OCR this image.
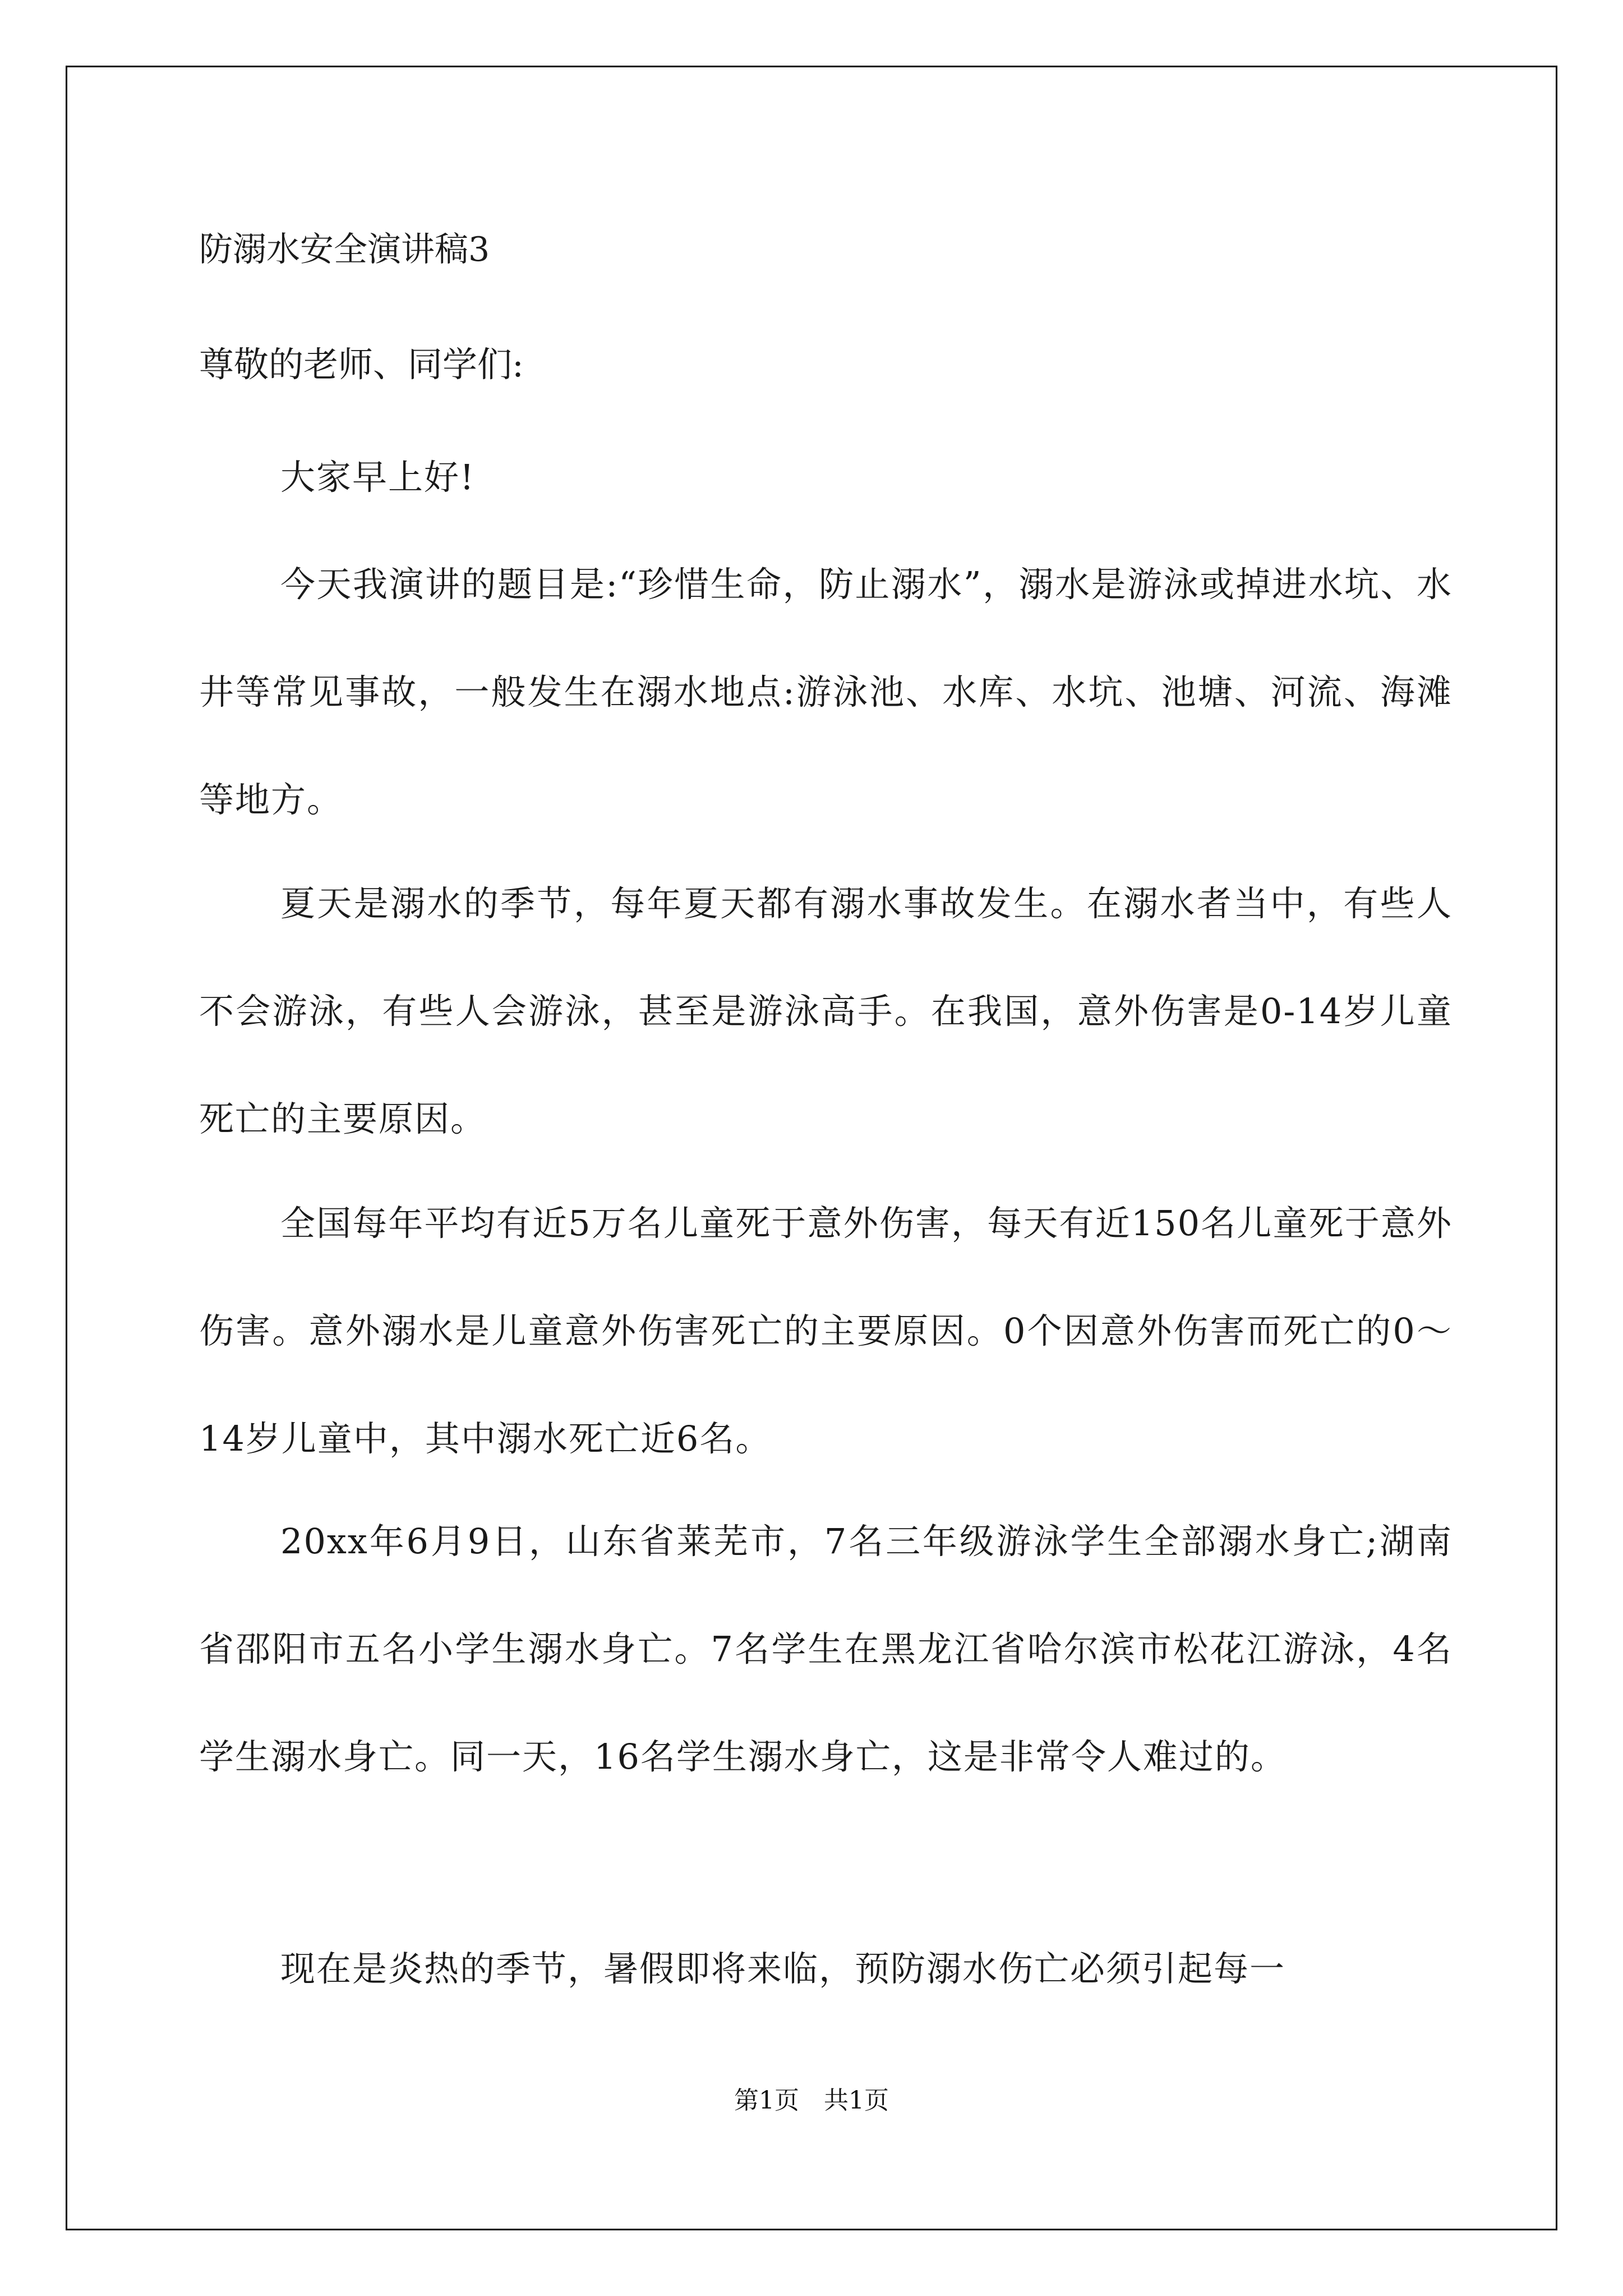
防溺水安全演讲稿3

尊敬的老师、同学们:

大家早上好!

今天我演讲的题目是:“珍惜生命，防止溺水”，溺水是游泳或掉进水坑、水井等常见事故，一般发生在溺水地点:游泳池、水库、水坑、池塘、河流、海滩等地方。

夏天是溺水的季节，每年夏天都有溺水事故发生。在溺水者当中，有些人不会游泳，有些人会游泳，甚至是游泳高手。在我国，意外伤害是0-14岁儿童死亡的主要原因。

全国每年平均有近5万名儿童死于意外伤害，每天有近150名儿童死于意外伤害。意外溺水是儿童意外伤害死亡的主要原因。0个因意外伤害而死亡的0～14岁儿童中，其中溺水死亡近6名。

20xx年6月9日，山东省莱芜市，7名三年级游泳学生全部溺水身亡;湖南省邵阳市五名小学生溺水身亡。7名学生在黑龙江省哈尔滨市松花江游泳，4名学生溺水身亡。同一天，16名学生溺水身亡，这是非常令人难过的。

现在是炎热的季节，暑假即将来临，预防溺水伤亡必须引起每一

第1页　共1页
